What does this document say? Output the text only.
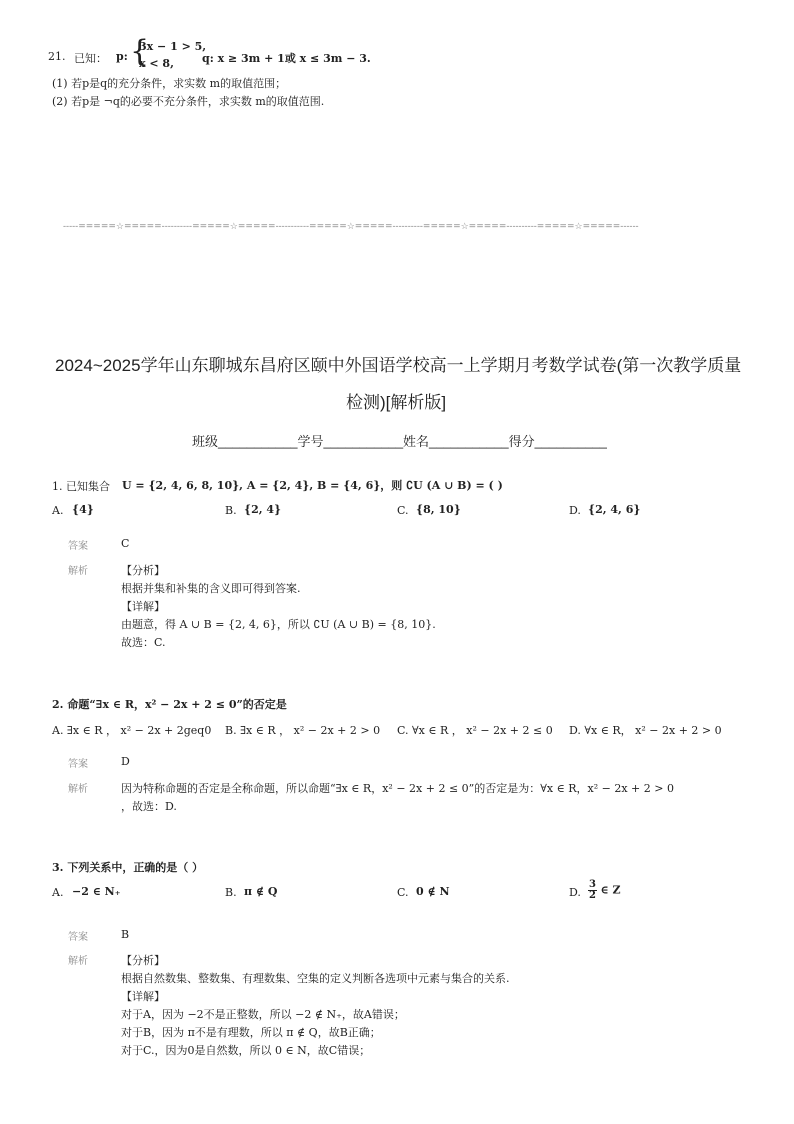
21. 已知： p: {
3x − 1 > 5,
x < 8,	q: x ≥ 3m + 1或 x ≤ 3m − 3.
(1) 若p是q的充分条件，求实数 m的取值范围；
(2) 若p是 ¬q的必要不充分条件，求实数 m的取值范围.
-----=====☆=====----------=====☆=====-----------=====☆=====----------=====☆=====----------=====☆=====------
2024~2025学年山东聊城东昌府区颐中外国语学校高一上学期月考数学试卷(第一次教学质量
检测)[解析版]
班级___________学号___________姓名___________得分__________
1. 已知集合 U = {2, 4, 6, 8, 10}, A = {2, 4}, B = {4, 6}，则 ∁U (A ∪ B) = ( )
A. {4}	B. {2, 4}	C. {8, 10}	D. {2, 4, 6}
答案	C
解析	【分析】
根据并集和补集的含义即可得到答案.
【详解】
由题意，得 A ∪ B = {2, 4, 6}，所以 ∁U (A ∪ B) = {8, 10}.
故选：C.
2. 命题“∃x ∈ R，x² − 2x + 2 ≤ 0”的否定是
A. ∃x ∈ R ， x² − 2x + 2geq0 B. ∃x ∈ R ， x² − 2x + 2 > 0 C. ∀x ∈ R ， x² − 2x + 2 ≤ 0 D. ∀x ∈ R， x² − 2x + 2 > 0
答案	D
解析	因为特称命题的否定是全称命题，所以命题“∃x ∈ R，x² − 2x + 2 ≤ 0”的否定是为：∀x ∈ R，x² − 2x + 2 > 0
，故选：D.
3. 下列关系中，正确的是（ ）
A. −2 ∈ N₊	B. π ∉ Q	C. 0 ∉ N	D. $\frac{3}{2}$ ∈ Z
答案	B
解析	【分析】
根据自然数集、整数集、有理数集、空集的定义判断各选项中元素与集合的关系.
【详解】
对于A，因为 −2不是正整数，所以 −2 ∉ N₊，故A错误；
对于B，因为 π不是有理数，所以 π ∉ Q，故B正确；
对于C.，因为0是自然数，所以 0 ∈ N，故C错误；
